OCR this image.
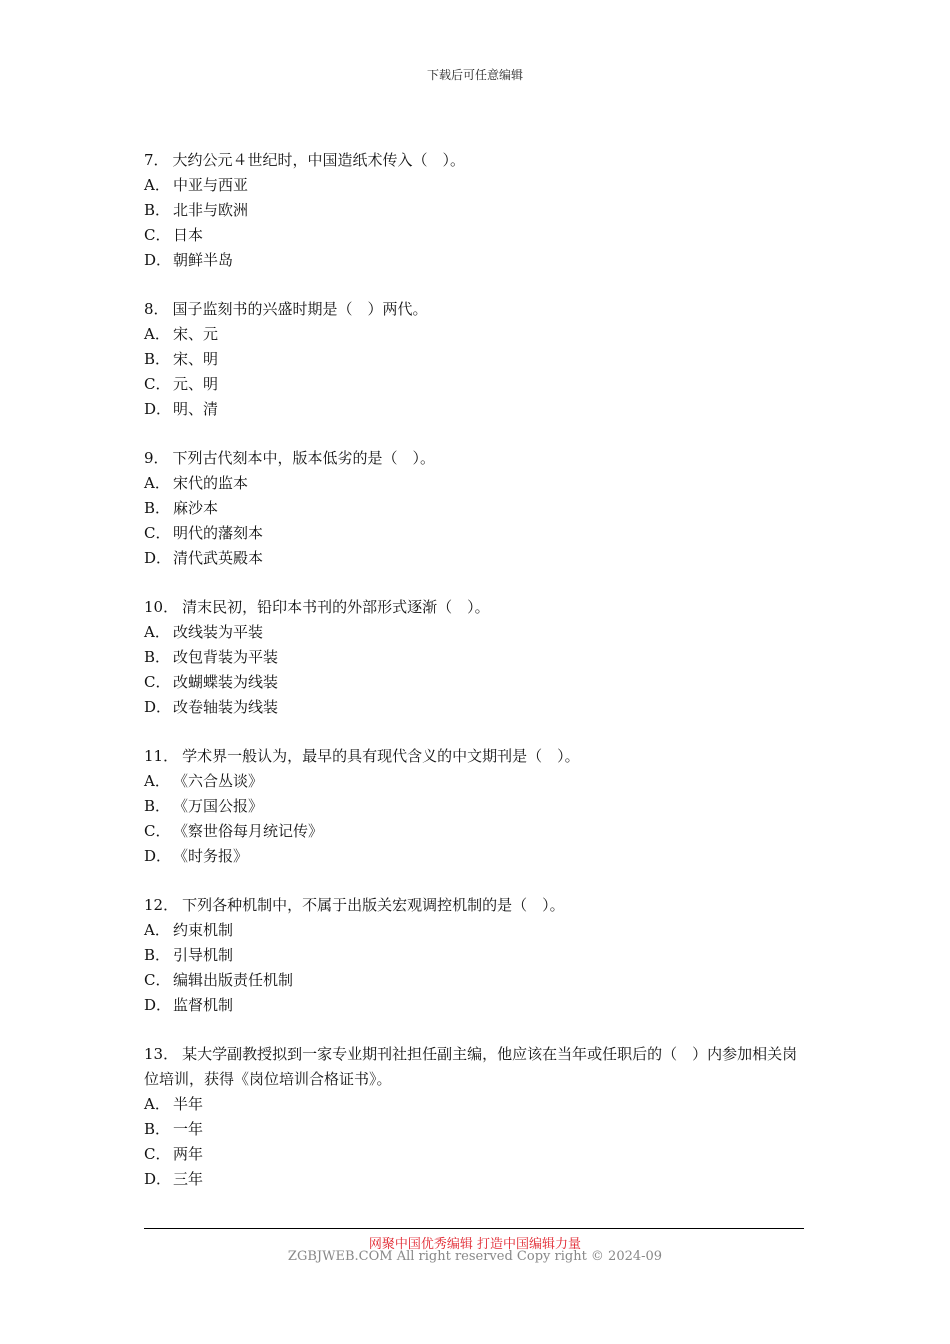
下载后可任意编辑

7． 大约公元４世纪时，中国造纸术传入（　）。

A． 中亚与西亚

B． 北非与欧洲

C． 日本

D． 朝鲜半岛

8． 国子监刻书的兴盛时期是（　）两代。

A． 宋、元

B． 宋、明

C． 元、明

D． 明、清

9． 下列古代刻本中，版本低劣的是（　）。

A． 宋代的监本

B． 麻沙本

C． 明代的藩刻本

D． 清代武英殿本

10． 清末民初，铅印本书刊的外部形式逐渐（　）。

A． 改线装为平装

B． 改包背装为平装

C． 改蝴蝶装为线装

D． 改卷轴装为线装

11． 学术界一般认为，最早的具有现代含义的中文期刊是（　）。

A． 《六合丛谈》

B． 《万国公报》

C． 《察世俗每月统记传》

D． 《时务报》

12． 下列各种机制中，不属于出版关宏观调控机制的是（　）。

A． 约束机制

B． 引导机制

C． 编辑出版责任机制

D． 监督机制

13． 某大学副教授拟到一家专业期刊社担任副主编，他应该在当年或任职后的（　）内参加相关岗位培训，获得《岗位培训合格证书》。

A． 半年

B． 一年

C． 两年

D． 三年

网聚中国优秀编辑 打造中国编辑力量
ZGBJWEB.COM All right reserved Copy right © 2024-09
